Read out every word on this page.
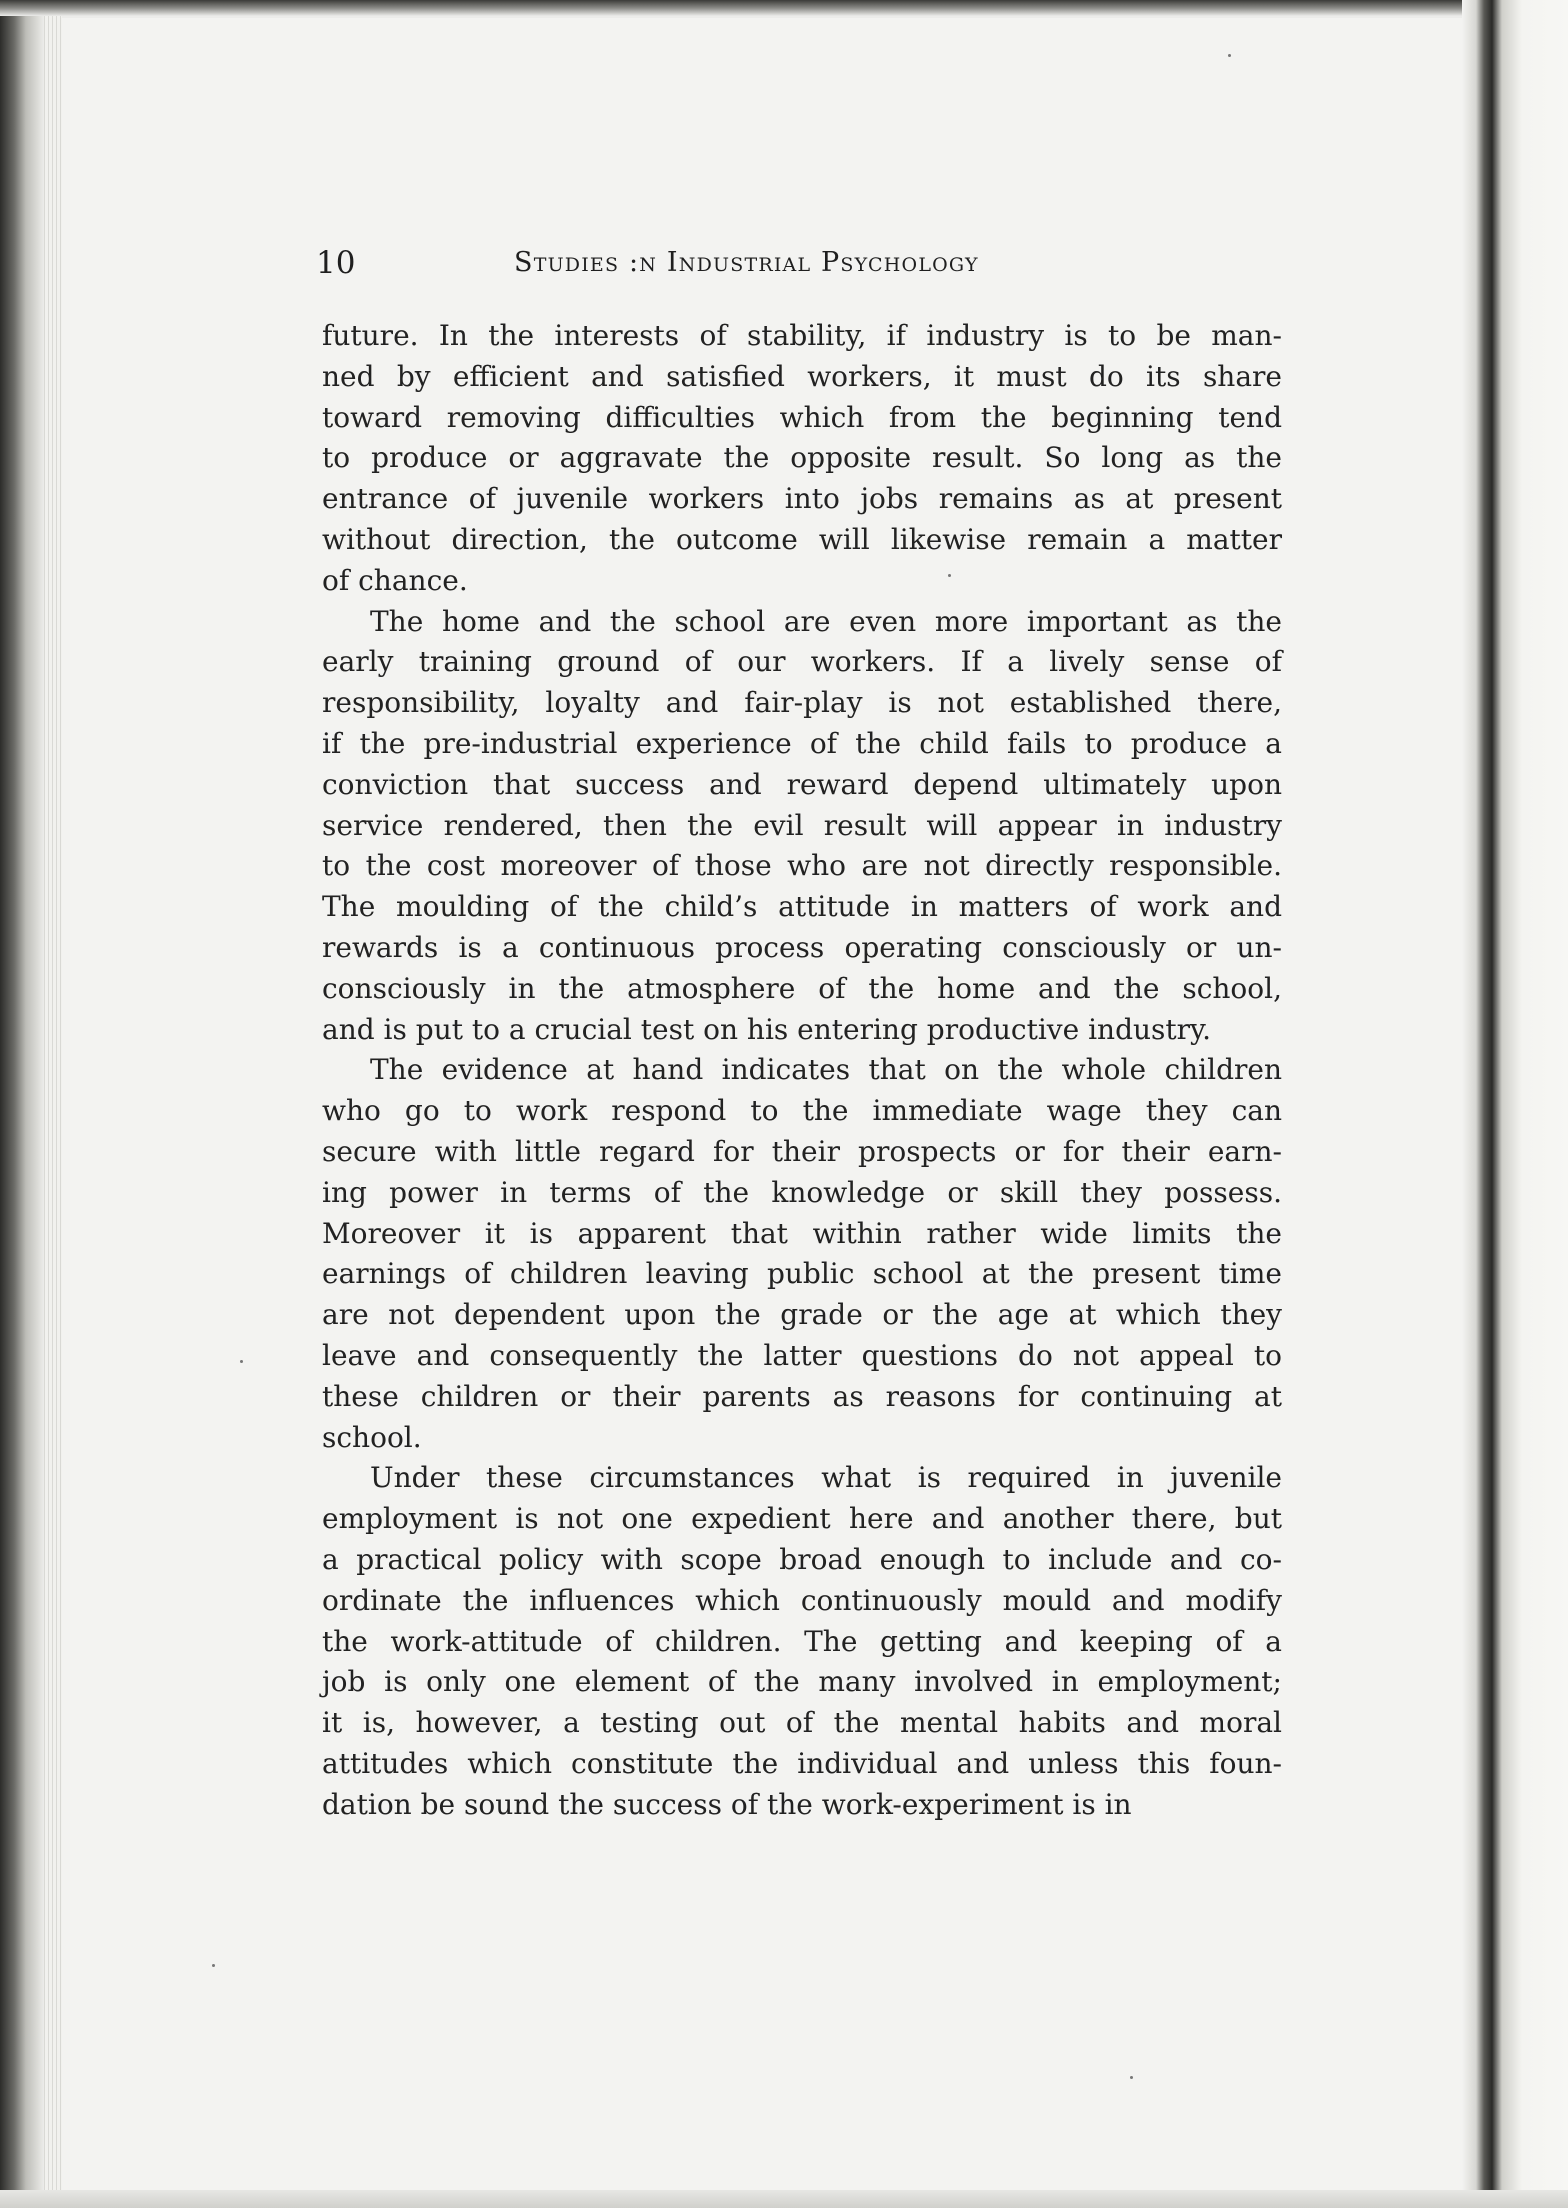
10	Studies :n Industrial Psychology
future. In the interests of stability, if industry is to be man-
ned by efficient and satisfied workers, it must do its share
toward removing difficulties which from the beginning tend
to produce or aggravate the opposite result. So long as the
entrance of juvenile workers into jobs remains as at present
without direction, the outcome will likewise remain a matter
of chance.
The home and the school are even more important as the
early training ground of our workers. If a lively sense of
responsibility, loyalty and fair-play is not established there,
if the pre-industrial experience of the child fails to produce a
conviction that success and reward depend ultimately upon
service rendered, then the evil result will appear in industry
to the cost moreover of those who are not directly responsible.
The moulding of the child’s attitude in matters of work and
rewards is a continuous process operating consciously or un-
consciously in the atmosphere of the home and the school,
and is put to a crucial test on his entering productive industry.
The evidence at hand indicates that on the whole children
who go to work respond to the immediate wage they can
secure with little regard for their prospects or for their earn-
ing power in terms of the knowledge or skill they possess.
Moreover it is apparent that within rather wide limits the
earnings of children leaving public school at the present time
are not dependent upon the grade or the age at which they
leave and consequently the latter questions do not appeal to
these children or their parents as reasons for continuing at
school.
Under these circumstances what is required in juvenile
employment is not one expedient here and another there, but
a practical policy with scope broad enough to include and co-
ordinate the influences which continuously mould and modify
the work-attitude of children. The getting and keeping of a
job is only one element of the many involved in employment;
it is, however, a testing out of the mental habits and moral
attitudes which constitute the individual and unless this foun-
dation be sound the success of the work-experiment is in
